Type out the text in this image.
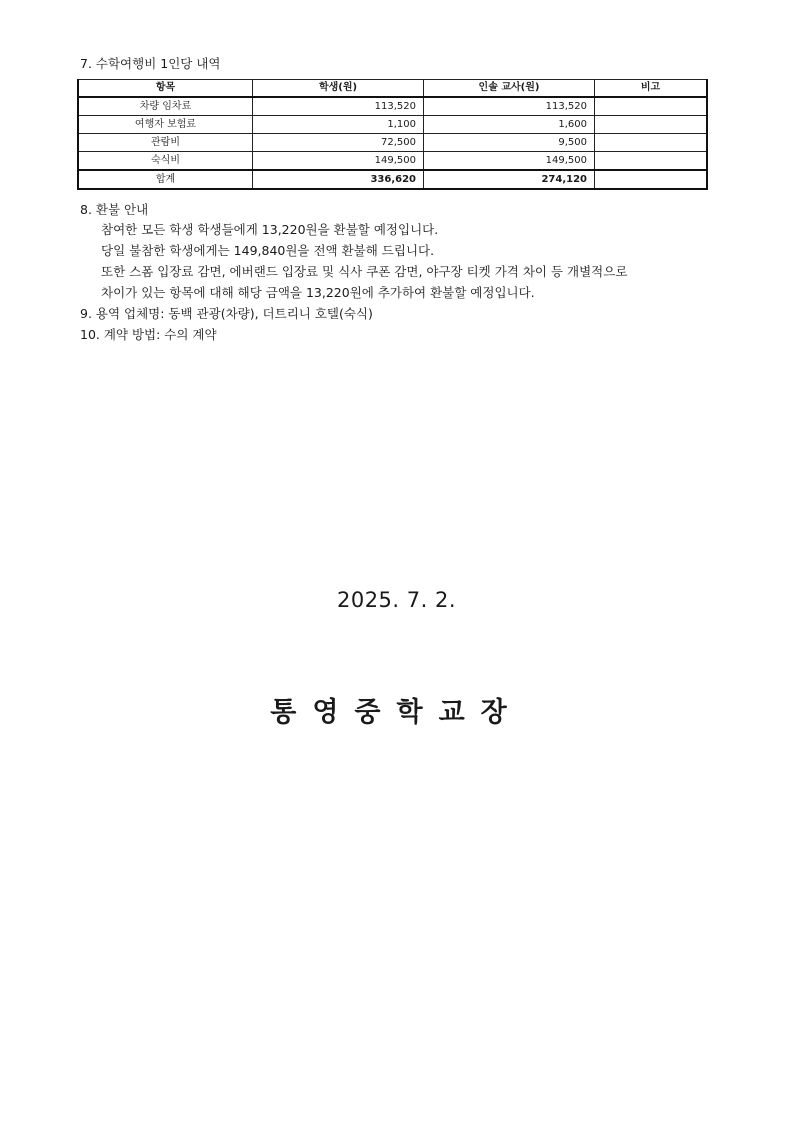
7. 수학여행비 1인당 내역
항목	학생(원)	인솔 교사(원)	비고
차량 임차료	113,520	113,520	
여행자 보험료	1,100	1,600	
관람비	72,500	9,500	
숙식비	149,500	149,500	
합계	336,620	274,120	
8. 환불 안내
참여한 모든 학생 학생들에게 13,220원을 환불할 예정입니다.
당일 불참한 학생에게는 149,840원을 전액 환불해 드립니다.
또한 스폼 입장료 감면, 에버랜드 입장료 및 식사 쿠폰 감면, 야구장 티켓 가격 차이 등 개별적으로
차이가 있는 항목에 대해 해당 금액을 13,220원에 추가하여 환불할 예정입니다.
9. 용역 업체명: 동백 관광(차량), 더트리니 호텔(숙식)
10. 계약 방법: 수의 계약
2025. 7. 2.
통영중학교장
